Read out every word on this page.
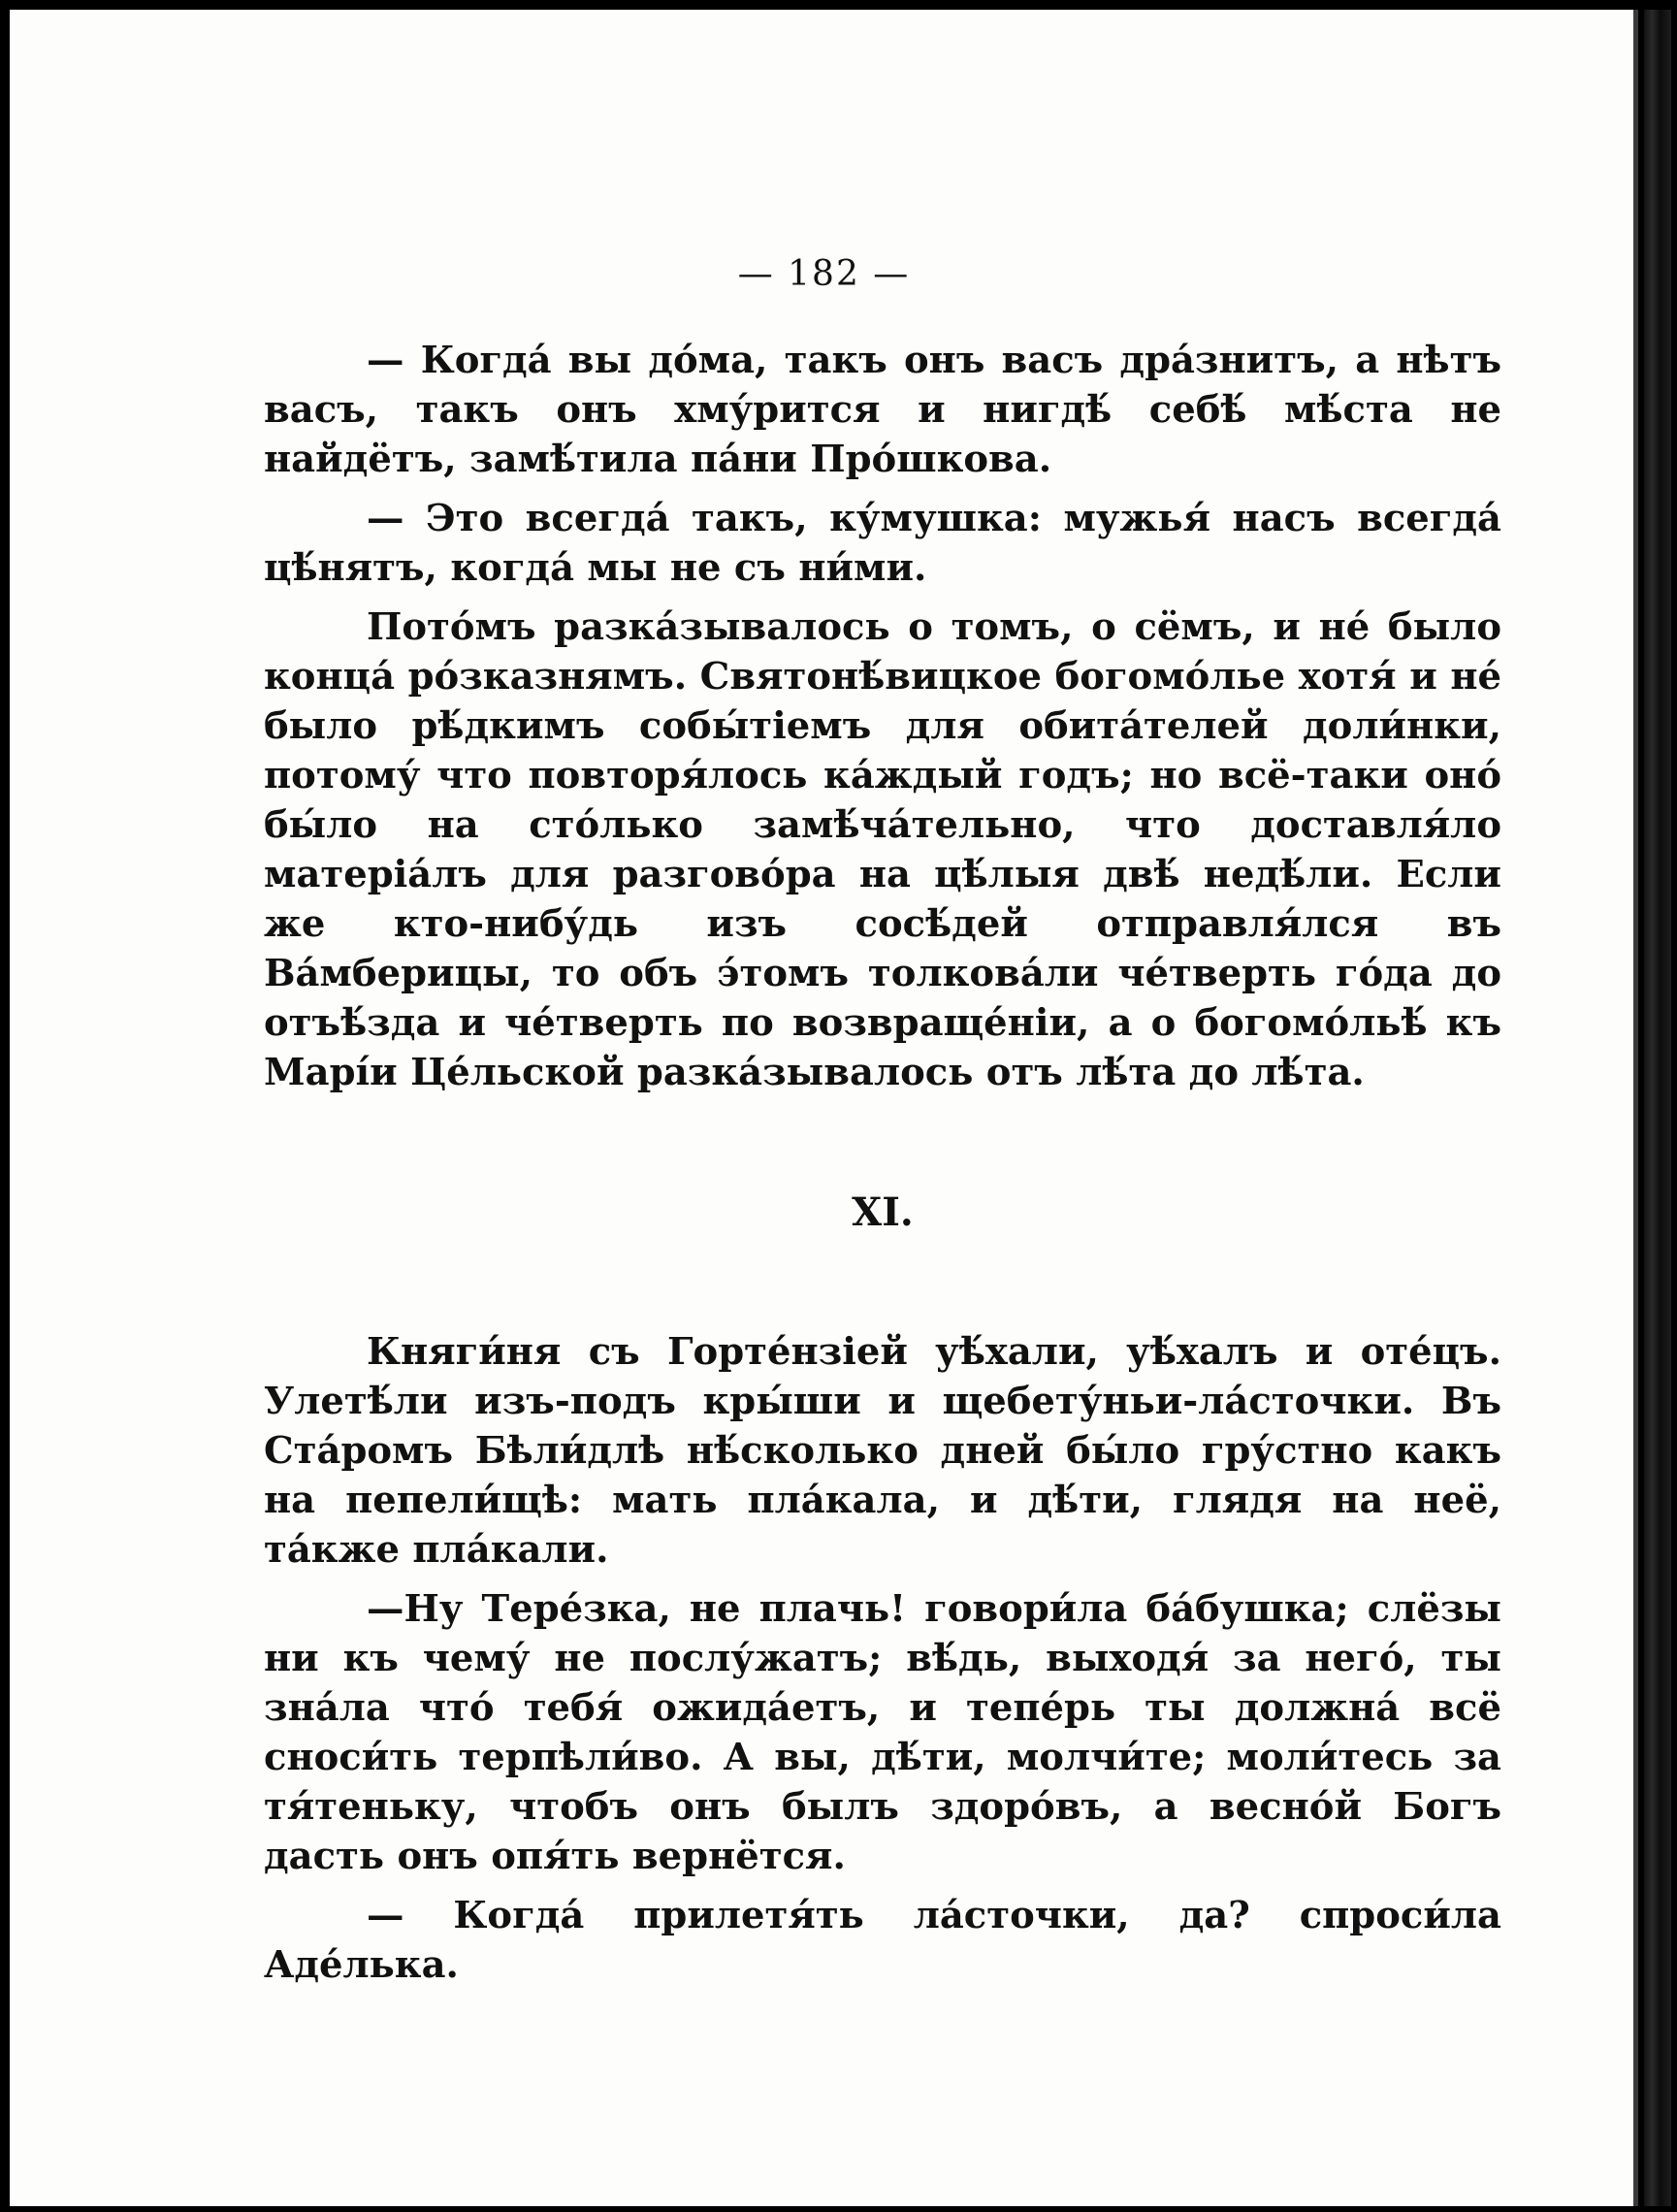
— 182 —

— Когда́ вы до́ма, такъ онъ васъ дра́знитъ, а нѣтъ васъ, такъ онъ хму́рится и нигдѣ́ себѣ́ мѣ́ста не найдётъ, замѣ́тила па́ни Про́шкова.

— Это всегда́ такъ, ку́мушка: мужья́ насъ всегда́ цѣ́нятъ, когда́ мы не съ ни́ми.

Пото́мъ разка́зывалось о томъ, о сёмъ, и не́ было конца́ ро́зказнямъ. Святонѣ́вицкое богомо́лье хотя́ и не́ было рѣ́дкимъ собы́тіемъ для обита́телей доли́нки, потому́ что повторя́лось ка́ждый годъ; но всё-таки оно́ бы́ло на сто́лько замѣ́ча́тельно, что доставля́ло матеріа́лъ для разгово́ра на цѣ́лыя двѣ́ недѣ́ли. Если же кто-нибу́дь изъ сосѣ́дей отправля́лся въ Ва́мберицы, то объ э́томъ толкова́ли че́тверть го́да до отъѣ́зда и че́тверть по возвраще́ніи, а о богомо́льѣ́ къ Марі́и Це́льской разка́зывалось отъ лѣ́та до лѣ́та.

XI.

Княги́ня съ Горте́нзіей уѣ́хали, уѣ́халъ и оте́цъ. Улетѣ́ли изъ-подъ кры́ши и щебету́ньи-ла́сточки. Въ Ста́ромъ Бѣли́длѣ нѣ́сколько дней бы́ло гру́стно какъ на пепели́щѣ: мать пла́кала, и дѣ́ти, глядя на неё, та́кже пла́кали.

—Ну Тере́зка, не плачь! говори́ла ба́бушка; слёзы ни къ чему́ не послу́жатъ; вѣ́дь, выходя́ за него́, ты зна́ла что́ тебя́ ожида́етъ, и тепе́рь ты должна́ всё сноси́ть терпѣли́во. А вы, дѣ́ти, молчи́те; моли́тесь за тя́теньку, чтобъ онъ былъ здоро́въ, а весно́й Богъ дасть онъ опя́ть вернётся.

— Когда́ прилетя́ть ла́сточки, да? спроси́ла Аде́лька.
